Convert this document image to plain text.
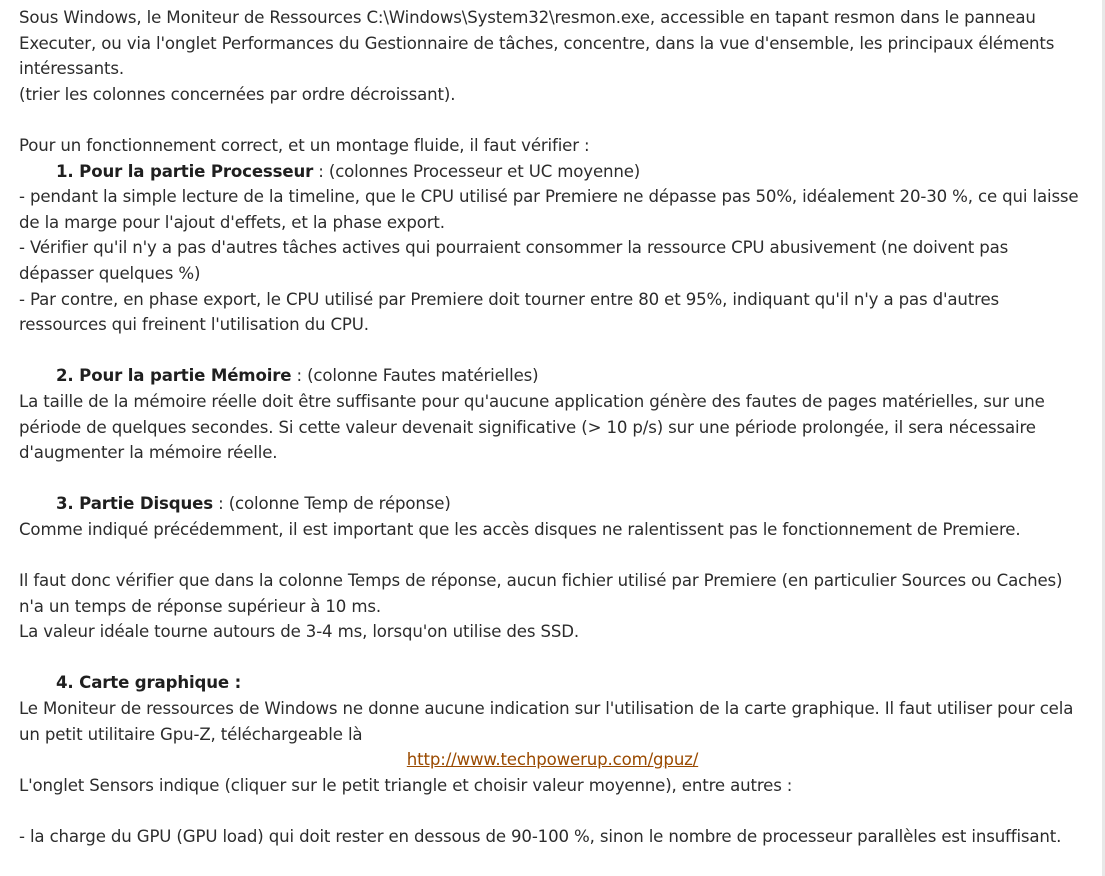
Sous Windows, le Moniteur de Ressources C:\Windows\System32\resmon.exe, accessible en tapant resmon dans le panneau Executer, ou via l'onglet Performances du Gestionnaire de tâches, concentre, dans la vue d'ensemble, les principaux éléments intéressants.

(trier les colonnes concernées par ordre décroissant).

Pour un fonctionnement correct, et un montage fluide, il faut vérifier :

1. Pour la partie Processeur : (colonnes Processeur et UC moyenne)

- pendant la simple lecture de la timeline, que le CPU utilisé par Premiere ne dépasse pas 50%, idéalement 20-30 %, ce qui laisse de la marge pour l'ajout d'effets, et la phase export.

- Vérifier qu'il n'y a pas d'autres tâches actives qui pourraient consommer la ressource CPU abusivement (ne doivent pas dépasser quelques %)

- Par contre, en phase export, le CPU utilisé par Premiere doit tourner entre 80 et 95%, indiquant qu'il n'y a pas d'autres ressources qui freinent l'utilisation du CPU.

2. Pour la partie Mémoire : (colonne Fautes matérielles)

La taille de la mémoire réelle doit être suffisante pour qu'aucune application génère des fautes de pages matérielles, sur une période de quelques secondes. Si cette valeur devenait significative (> 10 p/s) sur une période prolongée, il sera nécessaire d'augmenter la mémoire réelle.

3. Partie Disques : (colonne Temp de réponse)

Comme indiqué précédemment, il est important que les accès disques ne ralentissent pas le fonctionnement de Premiere.

Il faut donc vérifier que dans la colonne Temps de réponse, aucun fichier utilisé par Premiere (en particulier Sources ou Caches) n'a un temps de réponse supérieur à 10 ms.

La valeur idéale tourne autours de 3-4 ms, lorsqu'on utilise des SSD.

4. Carte graphique :

Le Moniteur de ressources de Windows ne donne aucune indication sur l'utilisation de la carte graphique. Il faut utiliser pour cela un petit utilitaire Gpu-Z, téléchargeable là

http://www.techpowerup.com/gpuz/

L'onglet Sensors indique (cliquer sur le petit triangle et choisir valeur moyenne), entre autres :

- la charge du GPU (GPU load) qui doit rester en dessous de 90-100 %, sinon le nombre de processeur parallèles est insuffisant.
